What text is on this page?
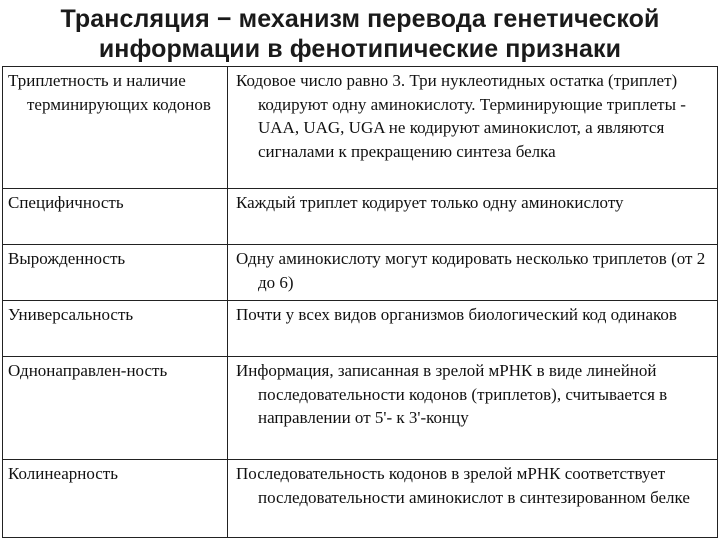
Трансляция − механизм перевода генетической
информации в фенотипические признаки
Триплетность и наличие терминирующих кодонов	Кодовое число равно 3. Три нуклеотидных остатка (триплет) кодируют одну аминокислоту. Терминирующие триплеты - UAA, UAG, UGA не кодируют аминокислот, а являются сигналами к прекращению синтеза белка
Специфичность	Каждый триплет кодирует только одну аминокислоту
Вырожденность	Одну аминокислоту могут кодировать несколько триплетов (от 2 до 6)
Универсальность	Почти у всех видов организмов биологический код одинаков
Однонаправлен-ность	Информация, записанная в зрелой мРНК в виде линейной последовательности кодонов (триплетов), считывается в направлении от 5'- к 3'-концу
Колинеарность	Последовательность кодонов в зрелой мРНК соответствует последовательности аминокислот в синтезированном белке
